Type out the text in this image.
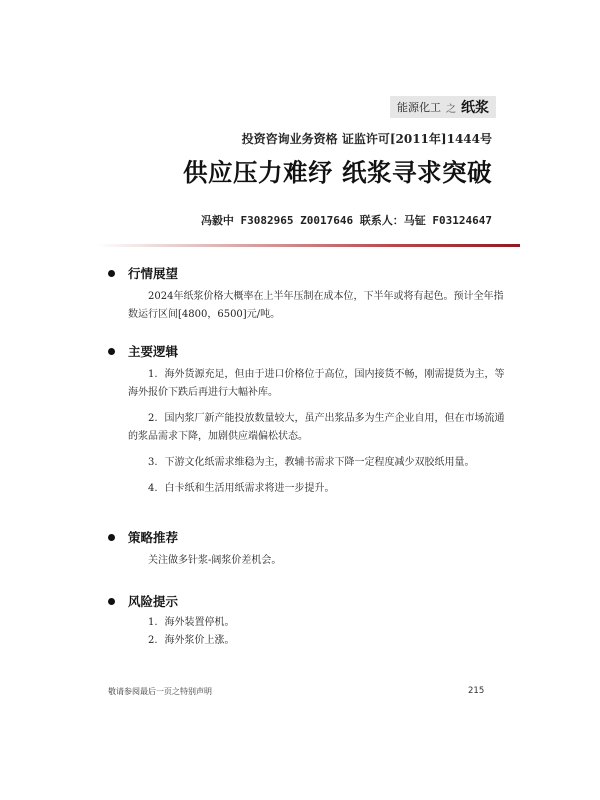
能源化工 之 纸浆
投资咨询业务资格 证监许可[2011年]1444号
供应压力难纾 纸浆寻求突破
冯毅中 F3082965 Z0017646 联系人：马钲 F03124647
行情展望

2024年纸浆价格大概率在上半年压制在成本位，下半年或将有起色。预计全年指数运行区间[4800，6500]元/吨。

主要逻辑

1. 海外货源充足，但由于进口价格位于高位，国内接货不畅，刚需提货为主，等海外报价下跌后再进行大幅补库。

2. 国内浆厂新产能投放数量较大，虽产出浆品多为生产企业自用，但在市场流通的浆品需求下降，加剧供应端偏松状态。

3. 下游文化纸需求维稳为主，教辅书需求下降一定程度减少双胶纸用量。

4. 白卡纸和生活用纸需求将进一步提升。

策略推荐

关注做多针浆-阔浆价差机会。

风险提示

1. 海外装置停机。

2. 海外浆价上涨。

敬请参阅最后一页之特别声明	215
